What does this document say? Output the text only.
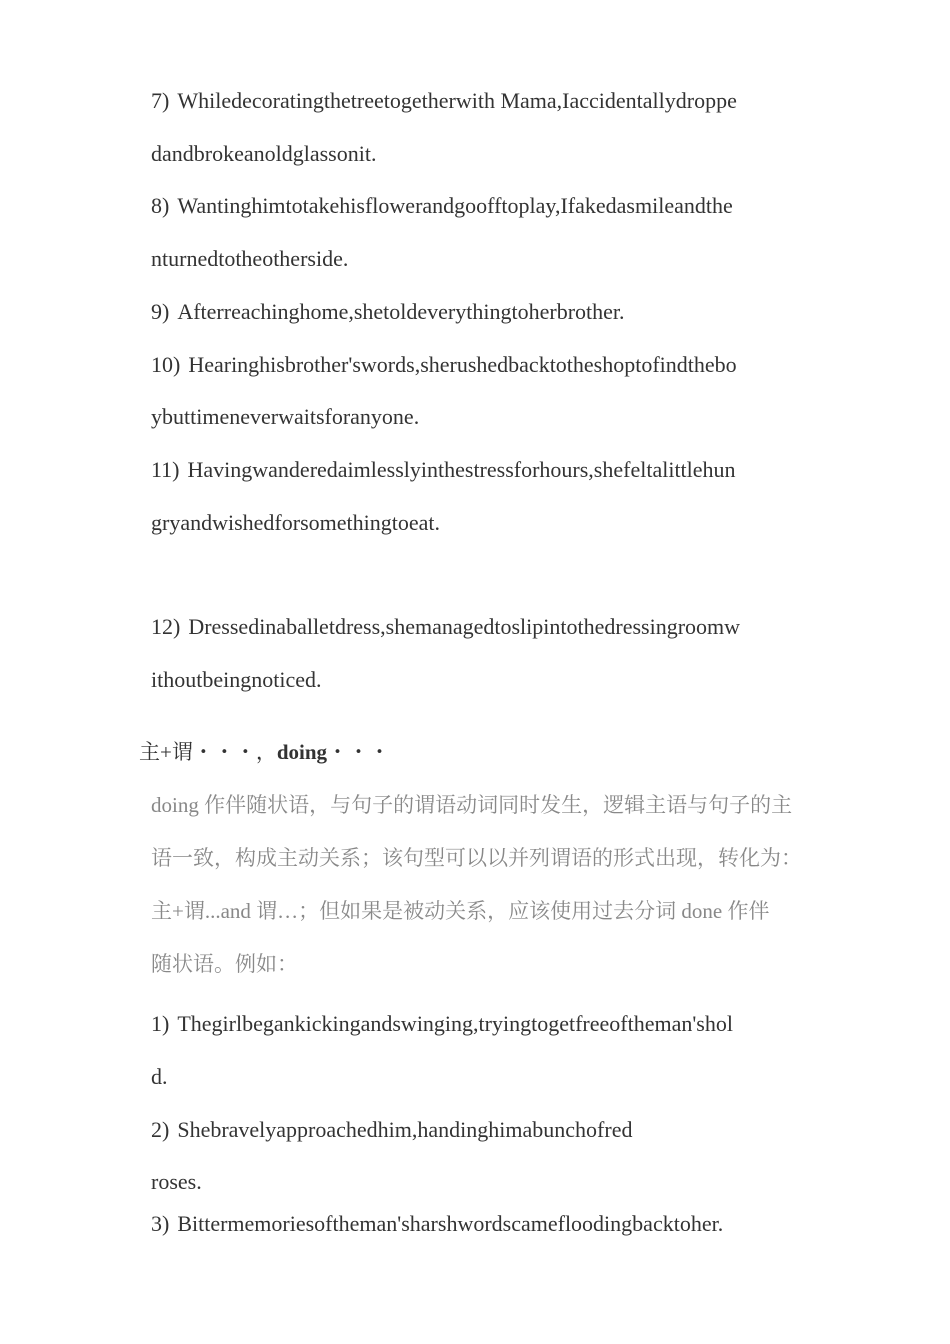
7) Whiledecoratingthetreetogetherwith Mama,Iaccidentallydroppe

dandbrokeanoldglassonit.

8) Wantinghimtotakehisflowerandgoofftoplay,Ifakedasmileandthe

nturnedtotheotherside.

9) Afterreachinghome,shetoldeverythingtoherbrother.

10) Hearinghisbrother'swords,sherushedbacktotheshoptofindthebo

ybuttimeneverwaitsforanyone.

11) Havingwanderedaimlesslyinthestressforhours,shefeltalittlehun

gryandwishedforsomethingtoeat.

12) Dressedinaballetdress,shemanagedtoslipintothedressingroomw

ithoutbeingnoticed.

主+谓・・・，doing・・・

doing 作伴随状语，与句子的谓语动词同时发生，逻辑主语与句子的主

语一致，构成主动关系；该句型可以以并列谓语的形式出现，转化为：

主+谓...and 谓…；但如果是被动关系，应该使用过去分词 done 作伴

随状语。例如：

1) Thegirlbegankickingandswinging,tryingtogetfreeoftheman'shol

d.

2) Shebravelyapproachedhim,handinghimabunchofred

roses.

3) Bittermemoriesoftheman'sharshwordscamefloodingbacktoher.
